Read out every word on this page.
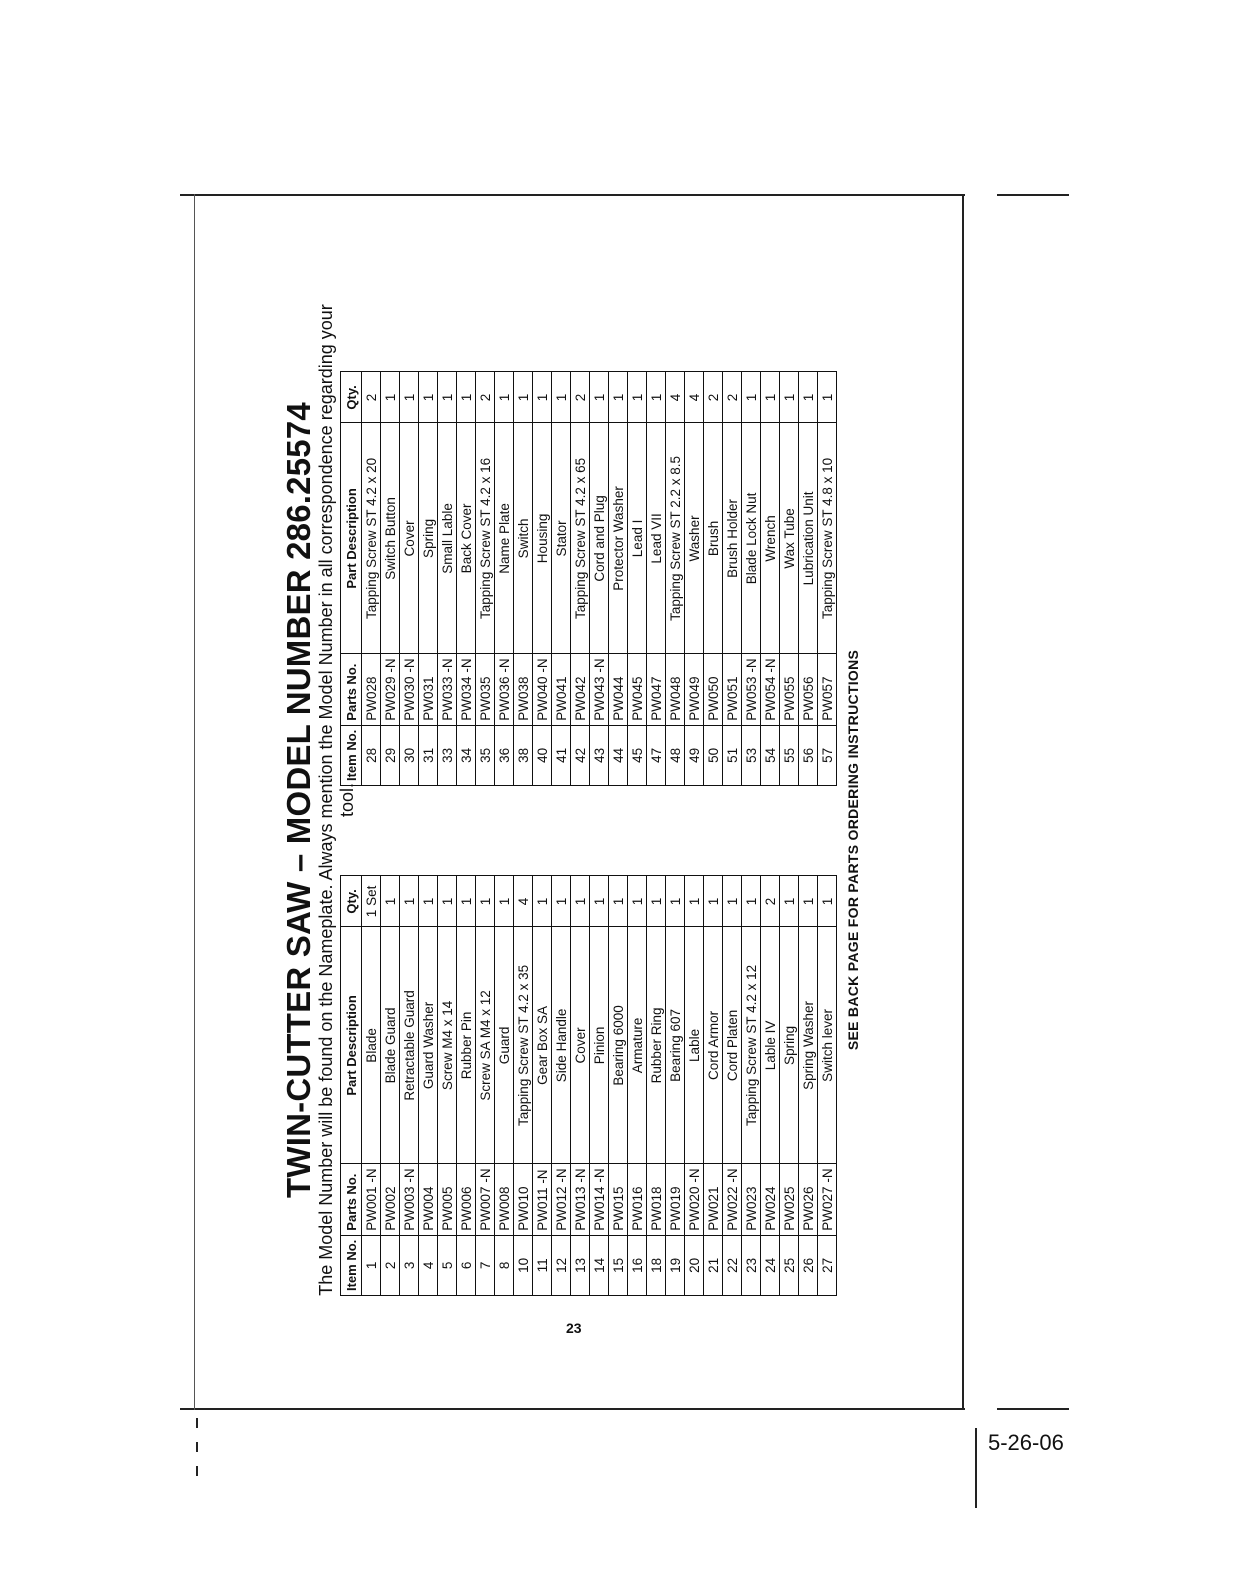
TWIN-CUTTER SAW – MODEL NUMBER 286.25574 The Model Number will be found on the Nameplate. Always mention the Model Number in all correspondence regarding your tool.
Item No.	Parts No.	Part Description	Qty.
1	PW001 -N	Blade	1 Set
2	PW002	Blade Guard	1
3	PW003 -N	Retractable Guard	1
4	PW004	Guard Washer	1
5	PW005	Screw M4 x 14	1
6	PW006	Rubber Pin	1
7	PW007 -N	Screw SA M4 x 12	1
8	PW008	Guard	1
10	PW010	Tapping Screw ST 4.2 x 35	4
11	PW011 -N	Gear Box SA	1
12	PW012 -N	Side Handle	1
13	PW013 -N	Cover	1
14	PW014 -N	Pinion	1
15	PW015	Bearing 6000	1
16	PW016	Armature	1
18	PW018	Rubber Ring	1
19	PW019	Bearing 607	1
20	PW020 -N	Lable	1
21	PW021	Cord Armor	1
22	PW022 -N	Cord Platen	1
23	PW023	Tapping Screw ST 4.2 x 12	1
24	PW024	Lable IV	2
25	PW025	Spring	1
26	PW026	Spring Washer	1
27	PW027 -N	Switch lever	1
Item No.	Parts No.	Part Description	Qty.
28	PW028	Tapping Screw ST 4.2 x 20	2
29	PW029 -N	Switch Button	1
30	PW030 -N	Cover	1
31	PW031	Spring	1
33	PW033 -N	Small Lable	1
34	PW034 -N	Back Cover	1
35	PW035	Tapping Screw ST 4.2 x 16	2
36	PW036 -N	Name Plate	1
38	PW038	Switch	1
40	PW040 -N	Housing	1
41	PW041	Stator	1
42	PW042	Tapping Screw ST 4.2 x 65	2
43	PW043 -N	Cord and Plug	1
44	PW044	Protector Washer	1
45	PW045	Lead I	1
47	PW047	Lead VII	1
48	PW048	Tapping Screw ST 2.2 x 8.5	4
49	PW049	Washer	4
50	PW050	Brush	2
51	PW051	Brush Holder	2
53	PW053 -N	Blade Lock Nut	1
54	PW054 -N	Wrench	1
55	PW055	Wax Tube	1
56	PW056	Lubrication Unit	1
57	PW057	Tapping Screw ST 4.8 x 10	1
SEE BACK PAGE FOR PARTS ORDERING INSTRUCTIONS
23
5-26-06
